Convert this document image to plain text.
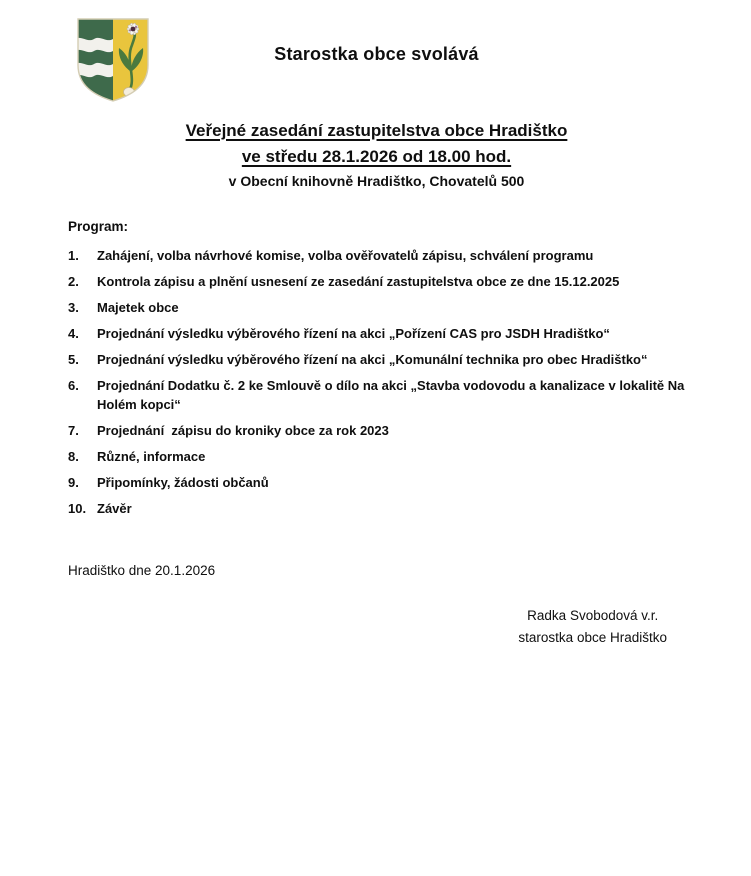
Starostka obce svolává
Veřejné zasedání zastupitelstva obce Hradištko
ve středu 28.1.2026 od 18.00 hod.
v Obecní knihovně Hradištko, Chovatelů 500
Program:
1.	Zahájení, volba návrhové komise, volba ověřovatelů zápisu, schválení programu
2.	Kontrola zápisu a plnění usnesení ze zasedání zastupitelstva obce ze dne 15.12.2025
3.	Majetek obce
4.	Projednání výsledku výběrového řízení na akci „Pořízení CAS pro JSDH Hradištko“
5.	Projednání výsledku výběrového řízení na akci „Komunální technika pro obec Hradištko“
6.	Projednání Dodatku č. 2 ke Smlouvě o dílo na akci „Stavba vodovodu a kanalizace v lokalitě Na Holém kopci“
7.	Projednání  zápisu do kroniky obce za rok 2023
8.	Různé, informace
9.	Připomínky, žádosti občanů
10. Závěr
Hradištko dne 20.1.2026
Radka Svobodová v.r.
starostka obce Hradištko
